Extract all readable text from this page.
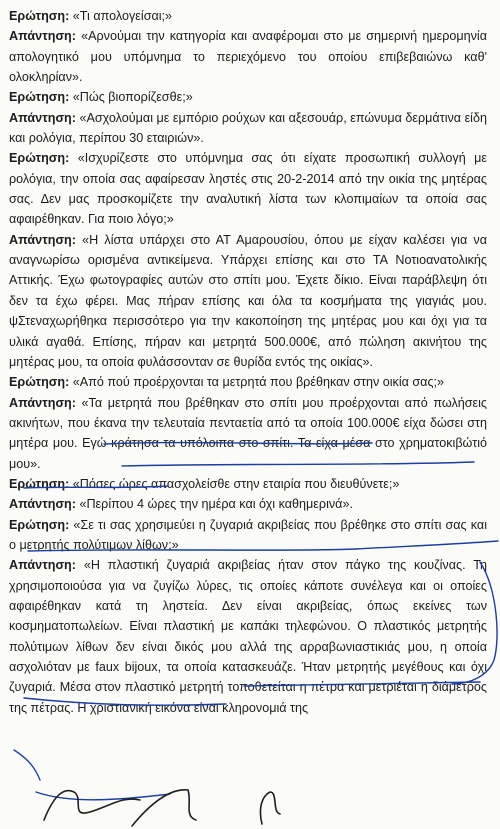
Ερώτηση: «Τι απολογείσαι;»

Απάντηση: «Αρνούμαι την κατηγορία και αναφέρομαι στο με σημερινή ημερομηνία απολογητικό μου υπόμνημα το περιεχόμενο του οποίου επιβεβαιώνω καθ' ολοκληρίαν».

Ερώτηση: «Πώς βιοπορίζεσθε;»

Απάντηση: «Ασχολούμαι με εμπόριο ρούχων και αξεσουάρ, επώνυμα δερμάτινα είδη και ρολόγια, περίπου 30 εταιριών».

Ερώτηση: «Ισχυρίζεστε στο υπόμνημα σας ότι είχατε προσωπική συλλογή με ρολόγια, την οποία σας αφαίρεσαν ληστές στις 20-2-2014 από την οικία της μητέρας σας. Δεν μας προσκομίζετε την αναλυτική λίστα των κλοπιμαίων τα οποία σας αφαιρέθηκαν. Για ποιο λόγο;»

Απάντηση: «Η λίστα υπάρχει στο ΑΤ Αμαρουσίου, όπου με είχαν καλέσει για να αναγνωρίσω ορισμένα αντικείμενα. Υπάρχει επίσης και στο ΤΑ Νοτιοανατολικής Αττικής. Έχω φωτογραφίες αυτών στο σπίτι μου. Έχετε δίκιο. Είναι παράβλεψη ότι δεν τα έχω φέρει. Μας πήραν επίσης και όλα τα κοσμήματα της γιαγιάς μου. ψΣτεναχωρήθηκα περισσότερο για την κακοποίηση της μητέρας μου και όχι για τα υλικά αγαθά. Επίσης, πήραν και μετρητά 500.000€, από πώληση ακινήτου της μητέρας μου, τα οποία φυλάσσονταν σε θυρίδα εντός της οικίας».

Ερώτηση: «Από πού προέρχονται τα μετρητά που βρέθηκαν στην οικία σας;»

Απάντηση: «Τα μετρητά που βρέθηκαν στο σπίτι μου προέρχονται από πωλήσεις ακινήτων, που έκανα την τελευταία πενταετία από τα οποία 100.000€ είχα δώσει στη μητέρα μου. Εγώ κράτησα τα υπόλοιπα στο σπίτι. Τα είχα μέσα στο χρηματοκιβώτιό μου».

Ερώτηση: «Πόσες ώρες απασχολείσθε στην εταιρία που διευθύνετε;»

Απάντηση: «Περίπου 4 ώρες την ημέρα και όχι καθημερινά».

Ερώτηση: «Σε τι σας χρησιμεύει η ζυγαριά ακριβείας που βρέθηκε στο σπίτι σας και ο μετρητής πολύτιμων λίθων;»

Απάντηση: «Η πλαστική ζυγαριά ακριβείας ήταν στον πάγκο της κουζίνας. Τη χρησιμοποιούσα για να ζυγίζω λύρες, τις οποίες κάποτε συνέλεγα και οι οποίες αφαιρέθηκαν κατά τη ληστεία. Δεν είναι ακριβείας, όπως εκείνες των κοσμηματοπωλείων. Είναι πλαστική με καπάκι τηλεφώνου. Ο πλαστικός μετρητής πολύτιμων λίθων δεν είναι δικός μου αλλά της αρραβωνιαστικιάς μου, η οποία ασχολιόταν με faux bijoux, τα οποία κατασκευάζε. Ήταν μετρητής μεγέθους και όχι ζυγαριά. Μέσα στον πλαστικό μετρητή τοποθετείται η πέτρα και μετριέται η διάμετρος της πέτρας. Η χριστιανική εικόνα είναι κληρονομιά της
